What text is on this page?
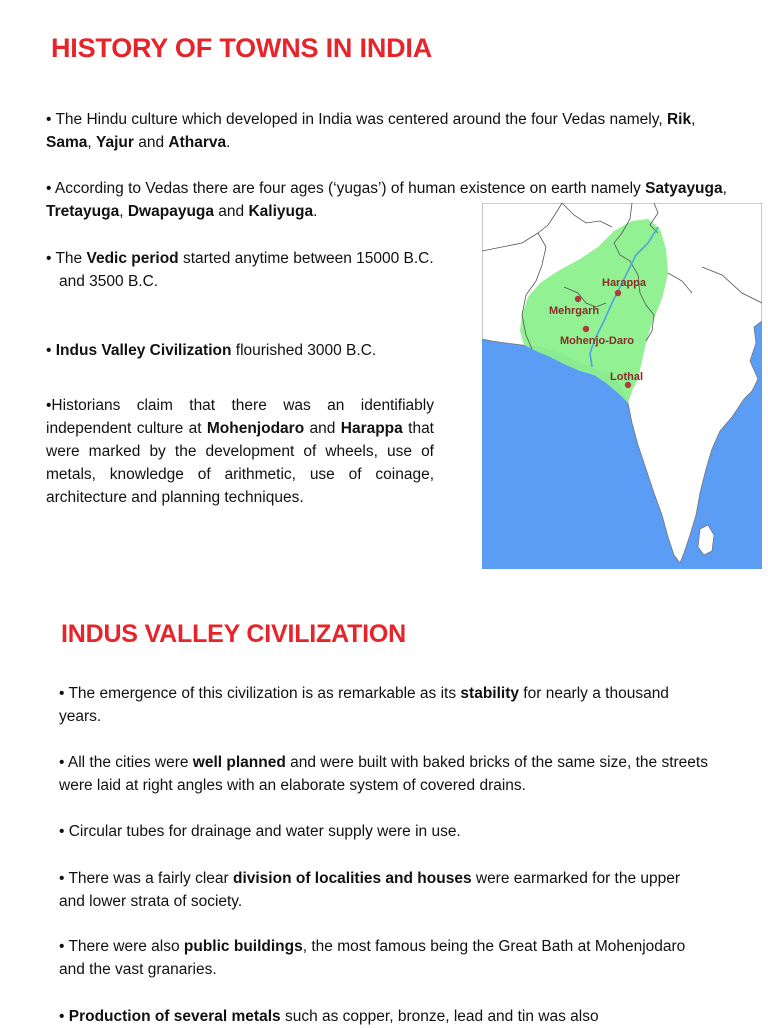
HISTORY OF TOWNS IN INDIA

• The Hindu culture which developed in India was centered around the four Vedas namely, Rik, Sama, Yajur and Atharva.

• According to Vedas there are four ages (‘yugas’) of human existence on earth namely Satyayuga, Tretayuga, Dwapayuga and Kaliyuga.

• The Vedic period started anytime between 15000 B.C.
and 3500 B.C.

• Indus Valley Civilization flourished 3000 B.C.

•Historians claim that there was an identifiably independent culture at Mohenjodaro and Harappa that were marked by the development of wheels, use of metals, knowledge of arithmetic, use of coinage, architecture and planning techniques.

Harappa
Mehrgarh
Mohenjo-Daro
Lothal
INDUS VALLEY CIVILIZATION

• The emergence of this civilization is as remarkable as its stability for nearly a thousand years.

• All the cities were well planned and were built with baked bricks of the same size, the streets were laid at right angles with an elaborate system of covered drains.

• Circular tubes for drainage and water supply were in use.

• There was a fairly clear division of localities and houses were earmarked for the upper and lower strata of society.

• There were also public buildings, the most famous being the Great Bath at Mohenjodaro and the vast granaries.

• Production of several metals such as copper, bronze, lead and tin was also
